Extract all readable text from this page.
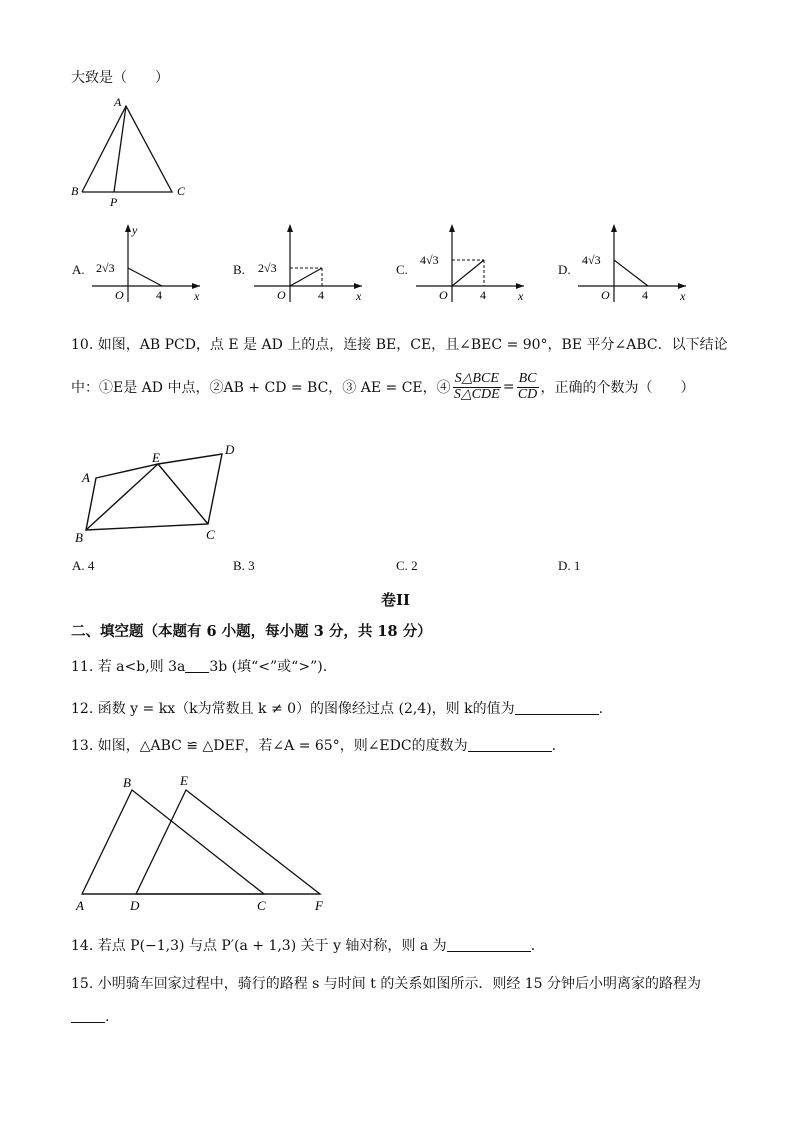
大致是（　　）
A
B	C
P
A. 2√3
4
O	x
y
B. 2√3
4
O	x
C.
4√3
4
O	x
D.
4√3
4
O	x
10. 如图，AB PCD，点 E 是 AD 上的点，连接 BE，CE，且∠BEC = 90°，BE 平分∠ABC．以下结论
中：①E是 AD 中点，②AB + CD = BC，③ AE = CE，④ $\frac{\text{S△BCE}}{\text{S△CDE}} = \frac{BC}{CD}$ ，正确的个数为（　　）
A
E
D
C
B
A. 4	B. 3	C. 2	D. 1
卷II
二、填空题（本题有 6 小题，每小题 3 分，共 18 分）
11. 若 a<b,则 3a 3b (填“<”或“>”).
12. 函数 y = kx（k为常数且 k ≠ 0）的图像经过点 (2,4)，则 k的值为	.
13. 如图，△ABC ≌ △DEF，若∠A = 65°，则∠EDC的度数为	.
B	E
A	D	C	F
14. 若点 P(−1,3) 与点 P′(a + 1,3) 关于 y 轴对称，则 a 为	.
15. 小明骑车回家过程中，骑行的路程 s 与时间 t 的关系如图所示．则经 15 分钟后小明离家的路程为
.
